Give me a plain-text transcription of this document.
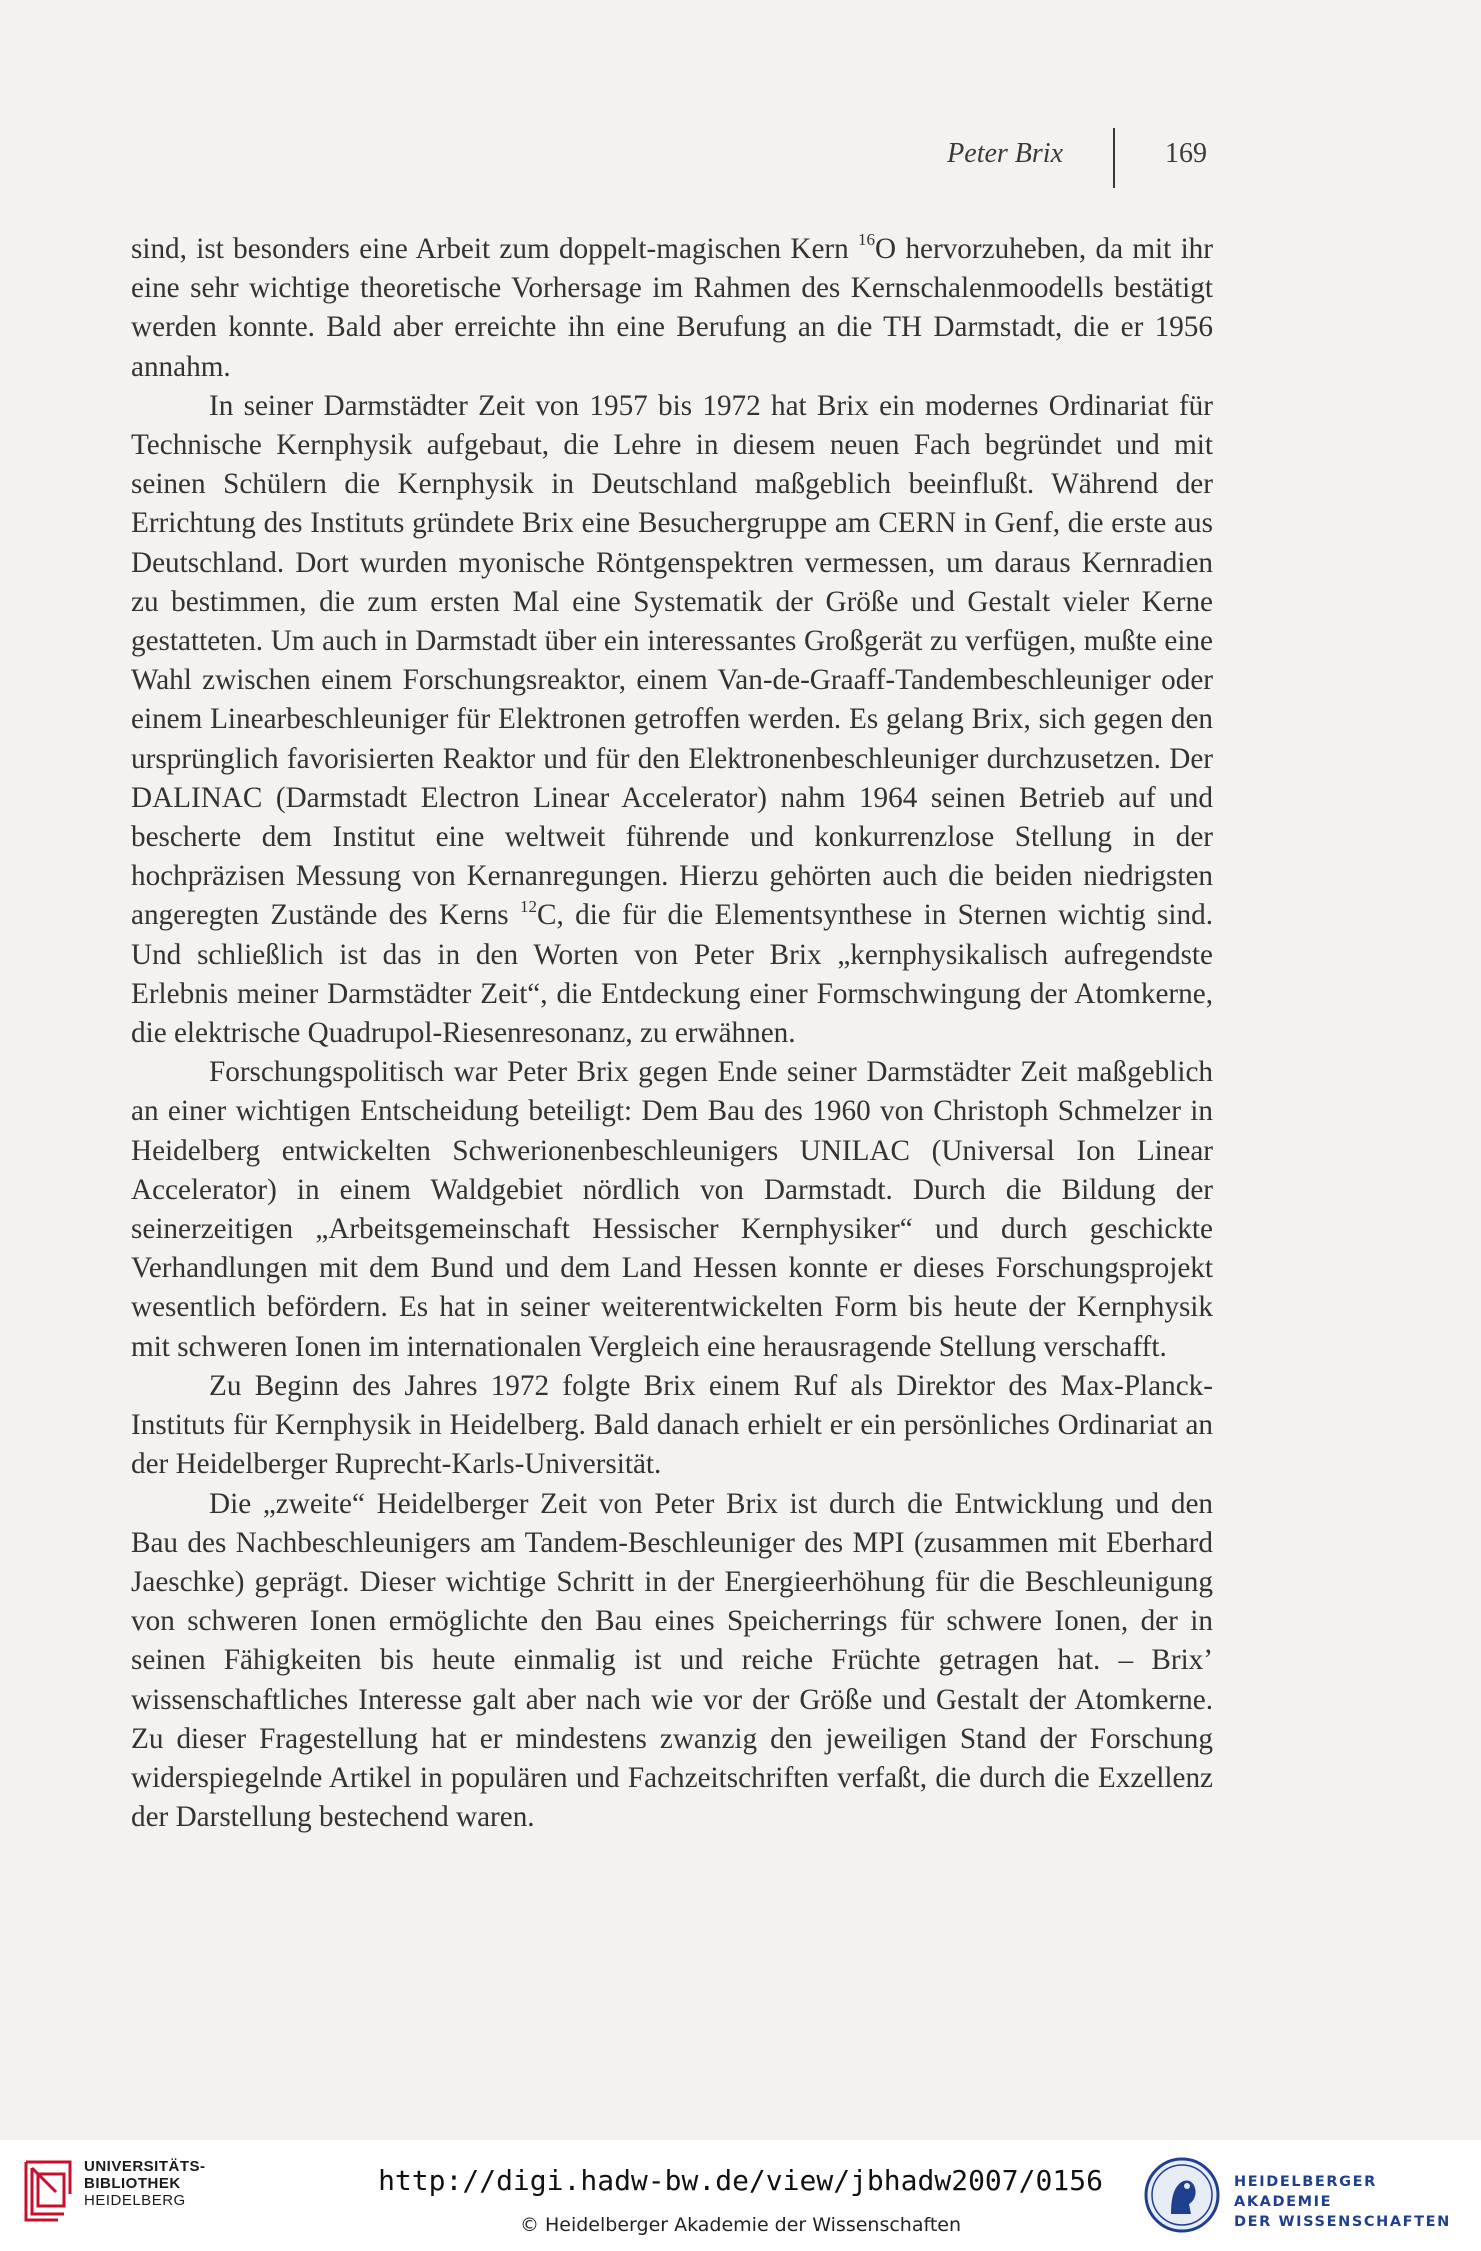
Peter Brix	169

sind, ist besonders eine Arbeit zum doppelt-magischen Kern $^{16}$O hervorzuheben, da mit ihr eine sehr wichtige theoretische Vorhersage im Rahmen des Kernschalenmoodells bestätigt werden konnte. Bald aber erreichte ihn eine Berufung an die TH Darmstadt, die er 1956 annahm.

In seiner Darmstädter Zeit von 1957 bis 1972 hat Brix ein modernes Ordinariat für Technische Kernphysik aufgebaut, die Lehre in diesem neuen Fach begründet und mit seinen Schülern die Kernphysik in Deutschland maßgeblich beeinflußt. Während der Errichtung des Instituts gründete Brix eine Besuchergruppe am CERN in Genf, die erste aus Deutschland. Dort wurden myonische Röntgenspektren vermessen, um daraus Kernradien zu bestimmen, die zum ersten Mal eine Systematik der Größe und Gestalt vieler Kerne gestatteten. Um auch in Darmstadt über ein interessantes Großgerät zu verfügen, mußte eine Wahl zwischen einem Forschungsreaktor, einem Van-de-Graaff-Tandembeschleuniger oder einem Linearbeschleuniger für Elektronen getroffen werden. Es gelang Brix, sich gegen den ursprünglich favorisierten Reaktor und für den Elektronenbeschleuniger durchzusetzen. Der DALINAC (Darmstadt Electron Linear Accelerator) nahm 1964 seinen Betrieb auf und bescherte dem Institut eine weltweit führende und konkurrenzlose Stellung in der hochpräzisen Messung von Kernanregungen. Hierzu gehörten auch die beiden niedrigsten angeregten Zustände des Kerns $^{12}$C, die für die Elementsynthese in Sternen wichtig sind. Und schließlich ist das in den Worten von Peter Brix „kernphysikalisch aufregendste Erlebnis meiner Darmstädter Zeit“, die Entdeckung einer Formschwingung der Atomkerne, die elektrische Quadrupol-Riesenresonanz, zu erwähnen.

Forschungspolitisch war Peter Brix gegen Ende seiner Darmstädter Zeit maßgeblich an einer wichtigen Entscheidung beteiligt: Dem Bau des 1960 von Christoph Schmelzer in Heidelberg entwickelten Schwerionenbeschleunigers UNILAC (Universal Ion Linear Accelerator) in einem Waldgebiet nördlich von Darmstadt. Durch die Bildung der seinerzeitigen „Arbeitsgemeinschaft Hessischer Kernphysiker“ und durch geschickte Verhandlungen mit dem Bund und dem Land Hessen konnte er dieses Forschungsprojekt wesentlich befördern. Es hat in seiner weiterentwickelten Form bis heute der Kernphysik mit schweren Ionen im internationalen Vergleich eine herausragende Stellung verschafft.

Zu Beginn des Jahres 1972 folgte Brix einem Ruf als Direktor des Max-Planck-Instituts für Kernphysik in Heidelberg. Bald danach erhielt er ein persönliches Ordinariat an der Heidelberger Ruprecht-Karls-Universität.

Die „zweite“ Heidelberger Zeit von Peter Brix ist durch die Entwicklung und den Bau des Nachbeschleunigers am Tandem-Beschleuniger des MPI (zusammen mit Eberhard Jaeschke) geprägt. Dieser wichtige Schritt in der Energieerhöhung für die Beschleunigung von schweren Ionen ermöglichte den Bau eines Speicherrings für schwere Ionen, der in seinen Fähigkeiten bis heute einmalig ist und reiche Früchte getragen hat. – Brix’ wissenschaftliches Interesse galt aber nach wie vor der Größe und Gestalt der Atomkerne. Zu dieser Fragestellung hat er mindestens zwanzig den jeweiligen Stand der Forschung widerspiegelnde Artikel in populären und Fachzeitschriften verfaßt, die durch die Exzellenz der Darstellung bestechend waren.

UNIVERSITÄTS-
BIBLIOTHEK
HEIDELBERG
http://digi.hadw-bw.de/view/jbhadw2007/0156
© Heidelberger Akademie der Wissenschaften
HEIDELBERGER AKADEMIE
DER WISSENSCHAFTEN
